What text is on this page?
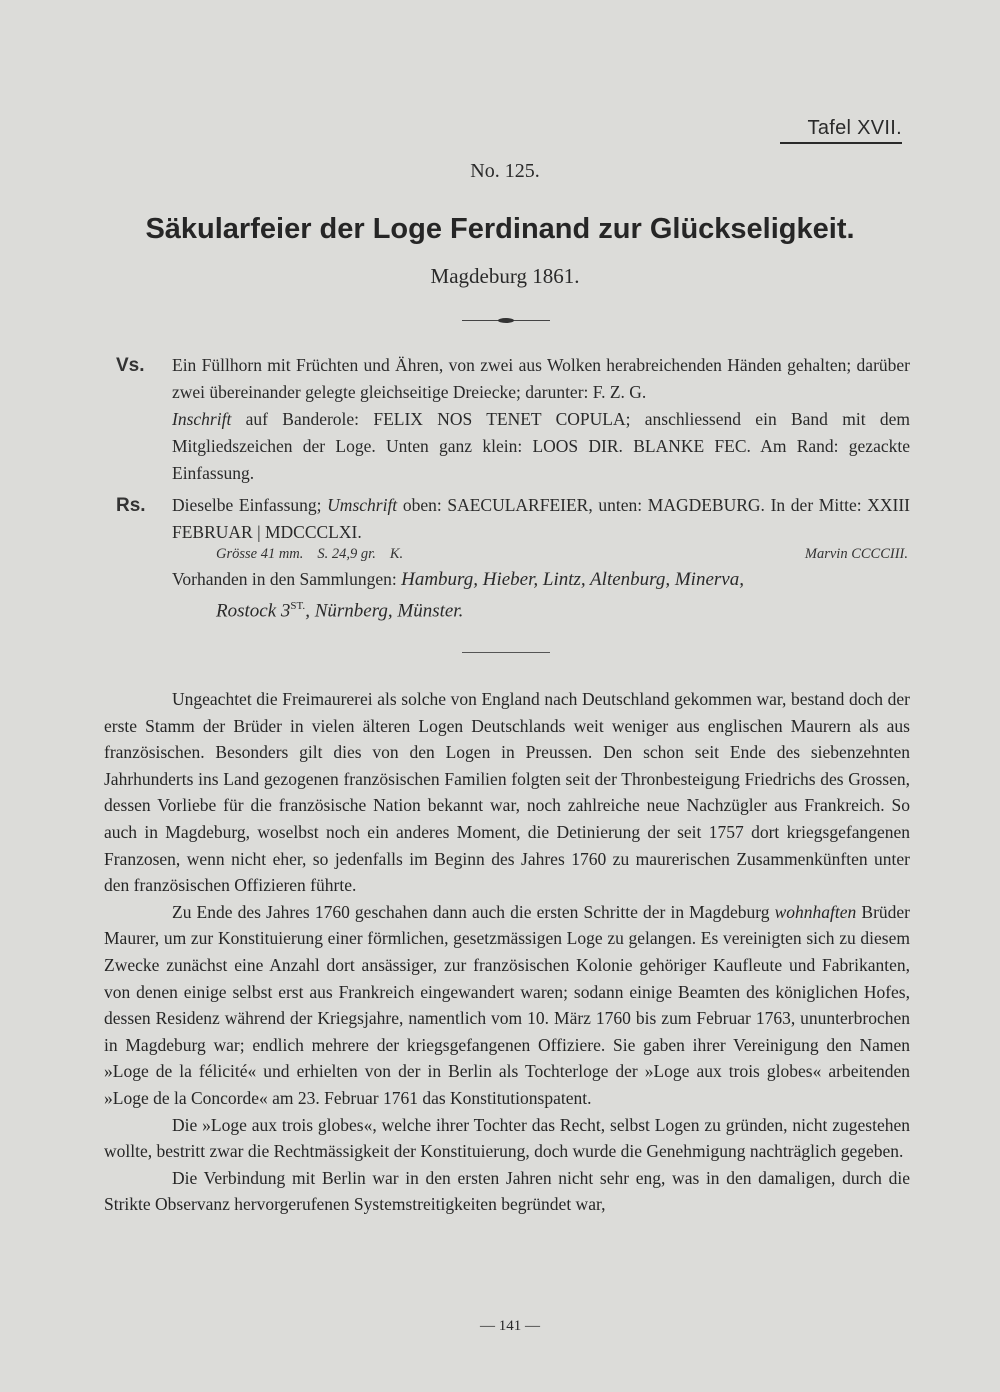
Tafel XVII.
No. 125.
Säkularfeier der Loge Ferdinand zur Glückseligkeit.
Magdeburg 1861.
Vs. Ein Füllhorn mit Früchten und Ähren, von zwei aus Wolken herabreichenden Händen gehalten; darüber zwei übereinander gelegte gleichseitige Dreiecke; darunter: F. Z. G.
Inschrift auf Banderole: FELIX NOS TENET COPULA; anschliessend ein Band mit dem Mitgliedszeichen der Loge. Unten ganz klein: LOOS DIR. BLANKE FEC. Am Rand: gezackte Einfassung.
Rs. Dieselbe Einfassung; Umschrift oben: SAECULARFEIER, unten: MAGDEBURG. In der Mitte: XXIII FEBRUAR | MDCCCLXI.
Grösse 41 mm. S. 24,9 gr. K.	Marvin CCCCIII.
Vorhanden in den Sammlungen: Hamburg, Hieber, Lintz, Altenburg, Minerva,
Rostock $3^{ST.}$, Nürnberg, Münster.

Ungeachtet die Freimaurerei als solche von England nach Deutschland gekommen war, bestand doch der erste Stamm der Brüder in vielen älteren Logen Deutschlands weit weniger aus englischen Maurern als aus französischen. Besonders gilt dies von den Logen in Preussen. Den schon seit Ende des siebenzehnten Jahrhunderts ins Land gezogenen französischen Familien folgten seit der Thronbesteigung Friedrichs des Grossen, dessen Vorliebe für die französische Nation bekannt war, noch zahlreiche neue Nachzügler aus Frankreich. So auch in Magdeburg, woselbst noch ein anderes Moment, die Detinierung der seit 1757 dort kriegsgefangenen Franzosen, wenn nicht eher, so jedenfalls im Beginn des Jahres 1760 zu maurerischen Zusammenkünften unter den französischen Offizieren führte.

Zu Ende des Jahres 1760 geschahen dann auch die ersten Schritte der in Magdeburg wohnhaften Brüder Maurer, um zur Konstituierung einer förmlichen, gesetzmässigen Loge zu gelangen. Es vereinigten sich zu diesem Zwecke zunächst eine Anzahl dort ansässiger, zur französischen Kolonie gehöriger Kaufleute und Fabrikanten, von denen einige selbst erst aus Frankreich eingewandert waren; sodann einige Beamten des königlichen Hofes, dessen Residenz während der Kriegsjahre, namentlich vom 10. März 1760 bis zum Februar 1763, ununterbrochen in Magdeburg war; endlich mehrere der kriegsgefangenen Offiziere. Sie gaben ihrer Vereinigung den Namen »Loge de la félicité« und erhielten von der in Berlin als Tochterloge der »Loge aux trois globes« arbeitenden »Loge de la Concorde« am 23. Februar 1761 das Konstitutionspatent.

Die »Loge aux trois globes«, welche ihrer Tochter das Recht, selbst Logen zu gründen, nicht zugestehen wollte, bestritt zwar die Rechtmässigkeit der Konstituierung, doch wurde die Genehmigung nachträglich gegeben.

Die Verbindung mit Berlin war in den ersten Jahren nicht sehr eng, was in den damaligen, durch die Strikte Observanz hervorgerufenen Systemstreitigkeiten begründet war,

— 141 —
